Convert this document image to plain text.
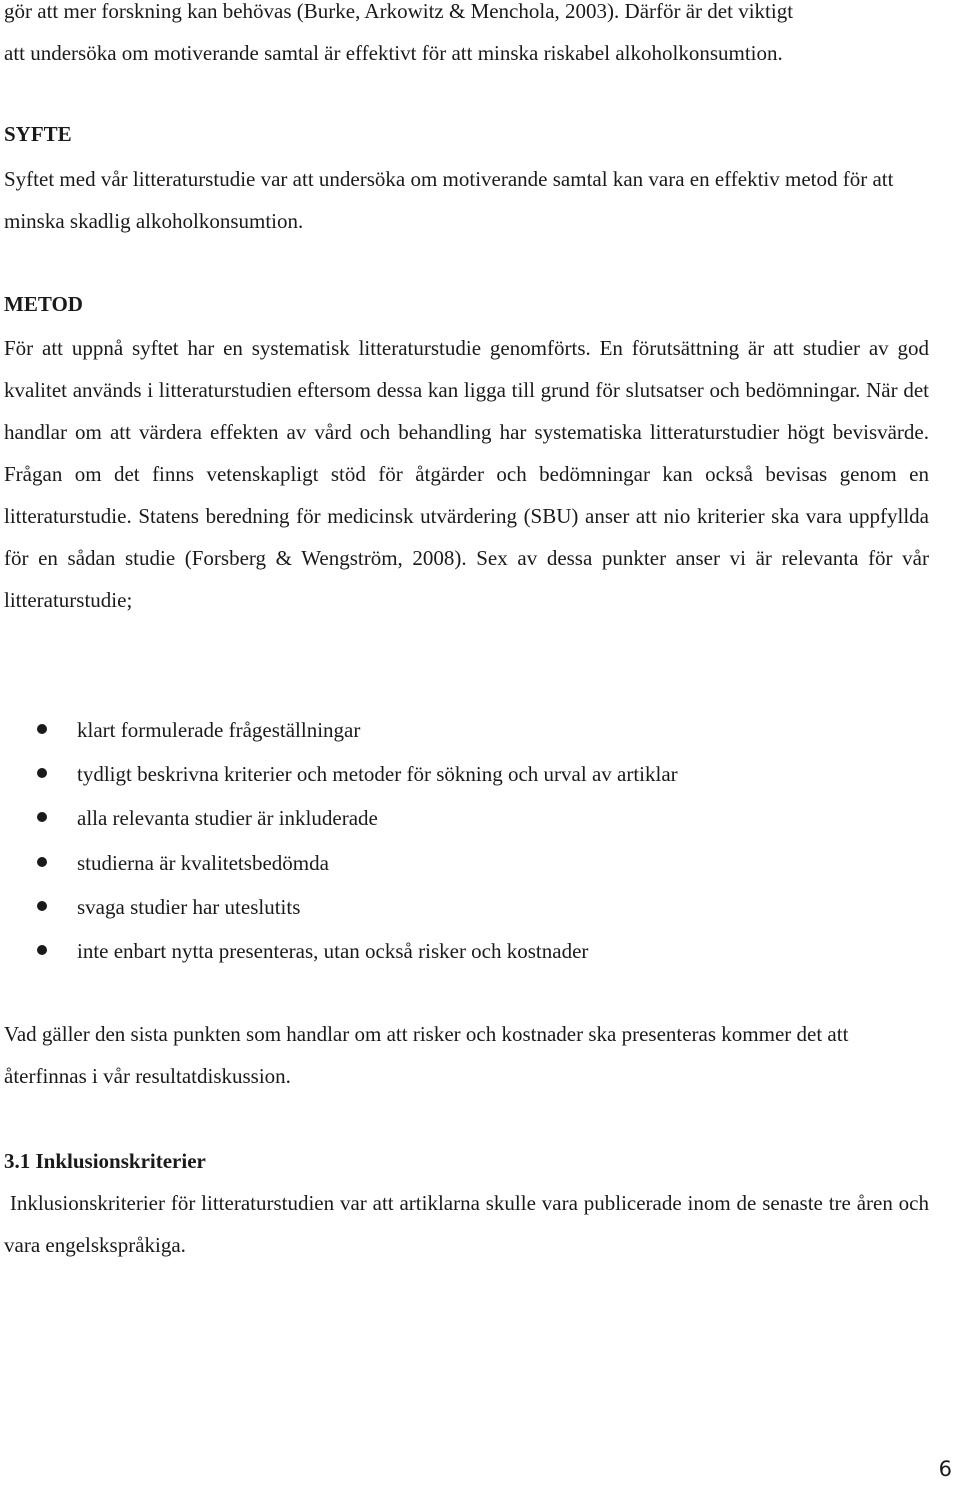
gör att mer forskning kan behövas (Burke, Arkowitz & Menchola, 2003). Därför är det viktigt
att undersöka om motiverande samtal är effektivt för att minska riskabel alkoholkonsumtion.
SYFTE

Syftet med vår litteraturstudie var att undersöka om motiverande samtal kan vara en effektiv metod för att minska skadlig alkoholkonsumtion.

METOD

För att uppnå syftet har en systematisk litteraturstudie genomförts. En förutsättning är att studier av god kvalitet används i litteraturstudien eftersom dessa kan ligga till grund för slutsatser och bedömningar. När det handlar om att värdera effekten av vård och behandling har systematiska litteraturstudier högt bevisvärde. Frågan om det finns vetenskapligt stöd för åtgärder och bedömningar kan också bevisas genom en litteraturstudie. Statens beredning för medicinsk utvärdering (SBU) anser att nio kriterier ska vara uppfyllda för en sådan studie (Forsberg & Wengström, 2008). Sex av dessa punkter anser vi är relevanta för vår litteraturstudie;

klart formulerade frågeställningar
tydligt beskrivna kriterier och metoder för sökning och urval av artiklar
alla relevanta studier är inkluderade
studierna är kvalitetsbedömda
svaga studier har uteslutits
inte enbart nytta presenteras, utan också risker och kostnader

Vad gäller den sista punkten som handlar om att risker och kostnader ska presenteras kommer det att återfinnas i vår resultatdiskussion.

3.1 Inklusionskriterier

Inklusionskriterier för litteraturstudien var att artiklarna skulle vara publicerade inom de senaste tre åren och vara engelskspråkiga.

6
